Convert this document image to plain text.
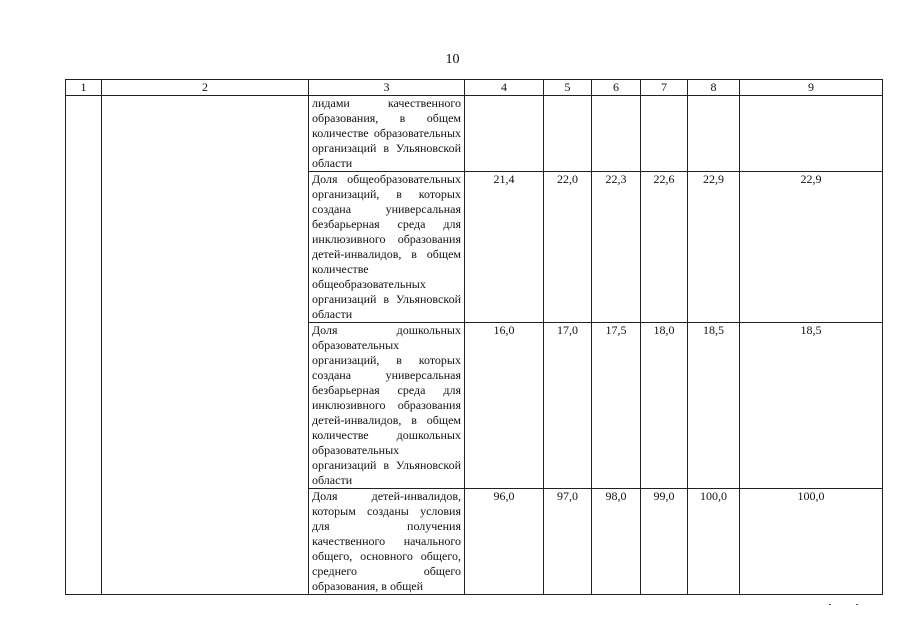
10
1	2	3	4	5	6	7	8	9
		лидами качественного образования, в общем количестве образовательных организаций в Ульяновской области						
		Доля общеобразовательных организаций, в которых создана универсальная безбарьерная среда для инклюзивного образования детей-инвалидов, в общем количестве общеобразовательных организаций в Ульяновской области	21,4	22,0	22,3	22,6	22,9	22,9
		Доля дошкольных образовательных организаций, в которых создана универсальная безбарьерная среда для инклюзивного образования детей-инвалидов, в общем количестве дошкольных образовательных организаций в Ульяновской области	16,0	17,0	17,5	18,0	18,5	18,5
		Доля детей-инвалидов, которым созданы условия для получения качественного начального общего, основного общего, среднего общего образования, в общей	96,0	97,0	98,0	99,0	100,0	100,0
